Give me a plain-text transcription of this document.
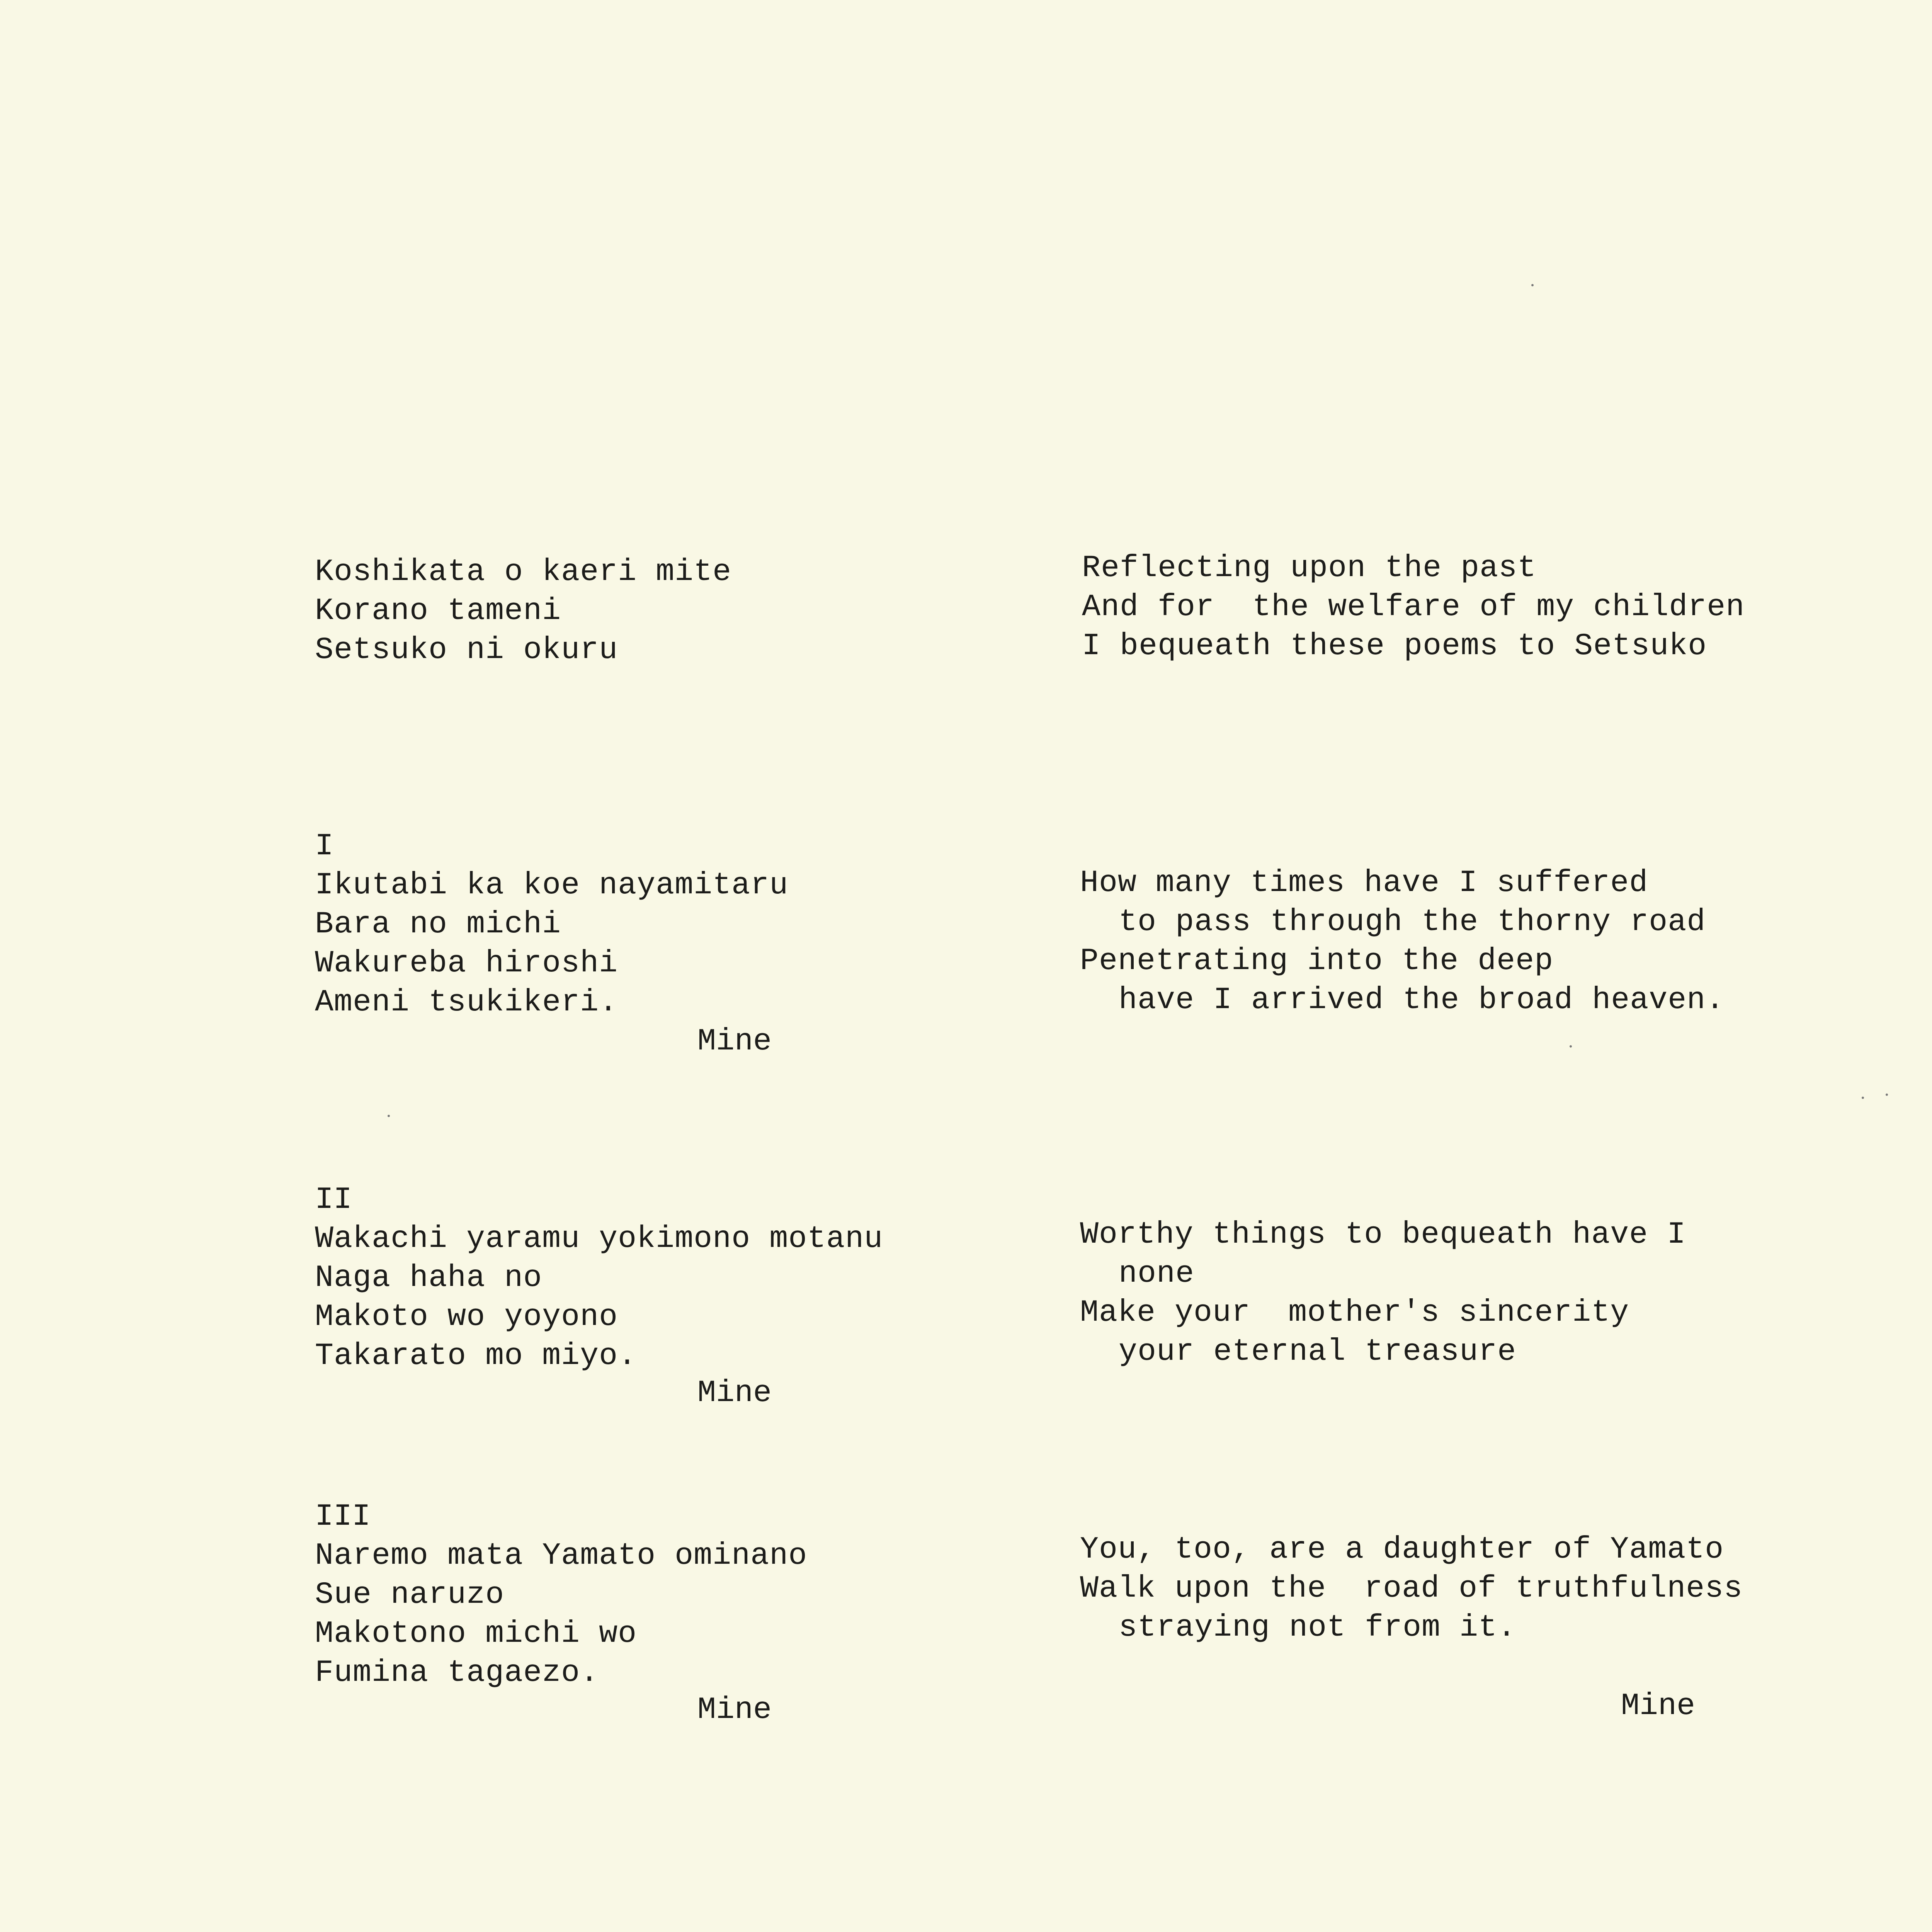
Koshikata o kaeri mite
Korano tameni
Setsuko ni okuru
Reflecting upon the past
And for  the welfare of my children
I bequeath these poems to Setsuko
I
Ikutabi ka koe nayamitaru
Bara no michi
Wakureba hiroshi
Ameni tsukikeri.
Mine
How many times have I suffered
to pass through the thorny road
Penetrating into the deep
have I arrived the broad heaven.
II
Wakachi yaramu yokimono motanu
Naga haha no
Makoto wo yoyono
Takarato mo miyo.
Mine
Worthy things to bequeath have I
none
Make your  mother's sincerity
your eternal treasure
III
Naremo mata Yamato ominano
Sue naruzo
Makotono michi wo
Fumina tagaezo.
Mine
You, too, are a daughter of Yamato
Walk upon the  road of truthfulness
straying not from it.
Mine
